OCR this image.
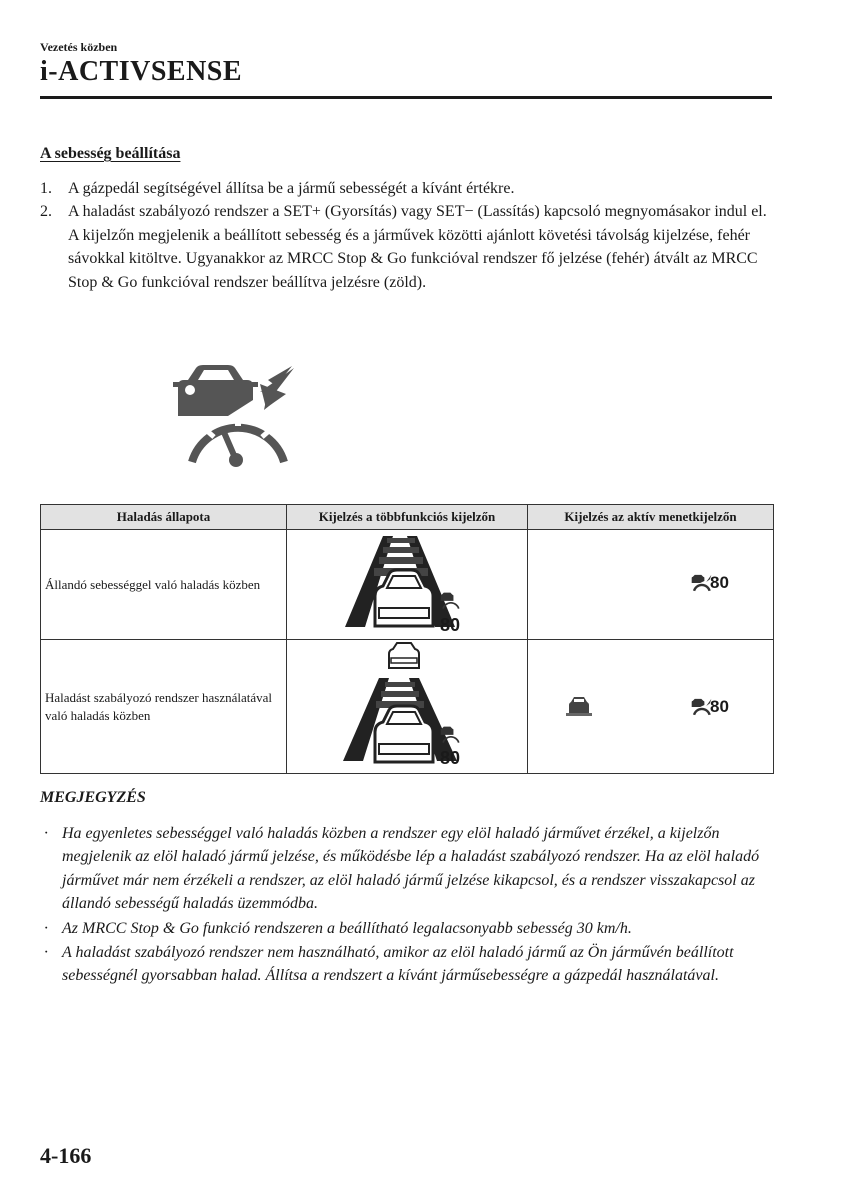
Vezetés közben
i-ACTIVSENSE
A sebesség beállítása
1.	A gázpedál segítségével állítsa be a jármű sebességét a kívánt értékre.

2.	A haladást szabályozó rendszer a SET+ (Gyorsítás) vagy SET− (Lassítás) kapcsoló megnyomásakor indul el.

A kijelzőn megjelenik a beállított sebesség és a járművek közötti ajánlott követési távolság kijelzése, fehér sávokkal kitöltve. Ugyanakkor az MRCC Stop & Go funkcióval rendszer fő jelzése (fehér) átvált az MRCC Stop & Go funkcióval rendszer beállítva jelzésre (zöld).

Haladás állapota	Kijelzés a többfunkciós kijelzőn	Kijelzés az aktív menetkijelzőn
Állandó sebességgel való haladás közben	80	80

Haladást szabályozó rendszer használatával való haladás közben	80	80
MEGJEGYZÉS
· Ha egyenletes sebességgel való haladás közben a rendszer egy elöl haladó járművet érzékel, a kijelzőn megjelenik az elöl haladó jármű jelzése, és működésbe lép a haladást szabályozó rendszer. Ha az elöl haladó járművet már nem érzékeli a rendszer, az elöl haladó jármű jelzése kikapcsol, és a rendszer visszakapcsol az állandó sebességű haladás üzemmódba.
· Az MRCC Stop & Go funkció rendszeren a beállítható legalacsonyabb sebesség 30 km/h.
· A haladást szabályozó rendszer nem használható, amikor az elöl haladó jármű az Ön járművén beállított sebességnél gyorsabban halad. Állítsa a rendszert a kívánt járműsebességre a gázpedál használatával.
4-166
